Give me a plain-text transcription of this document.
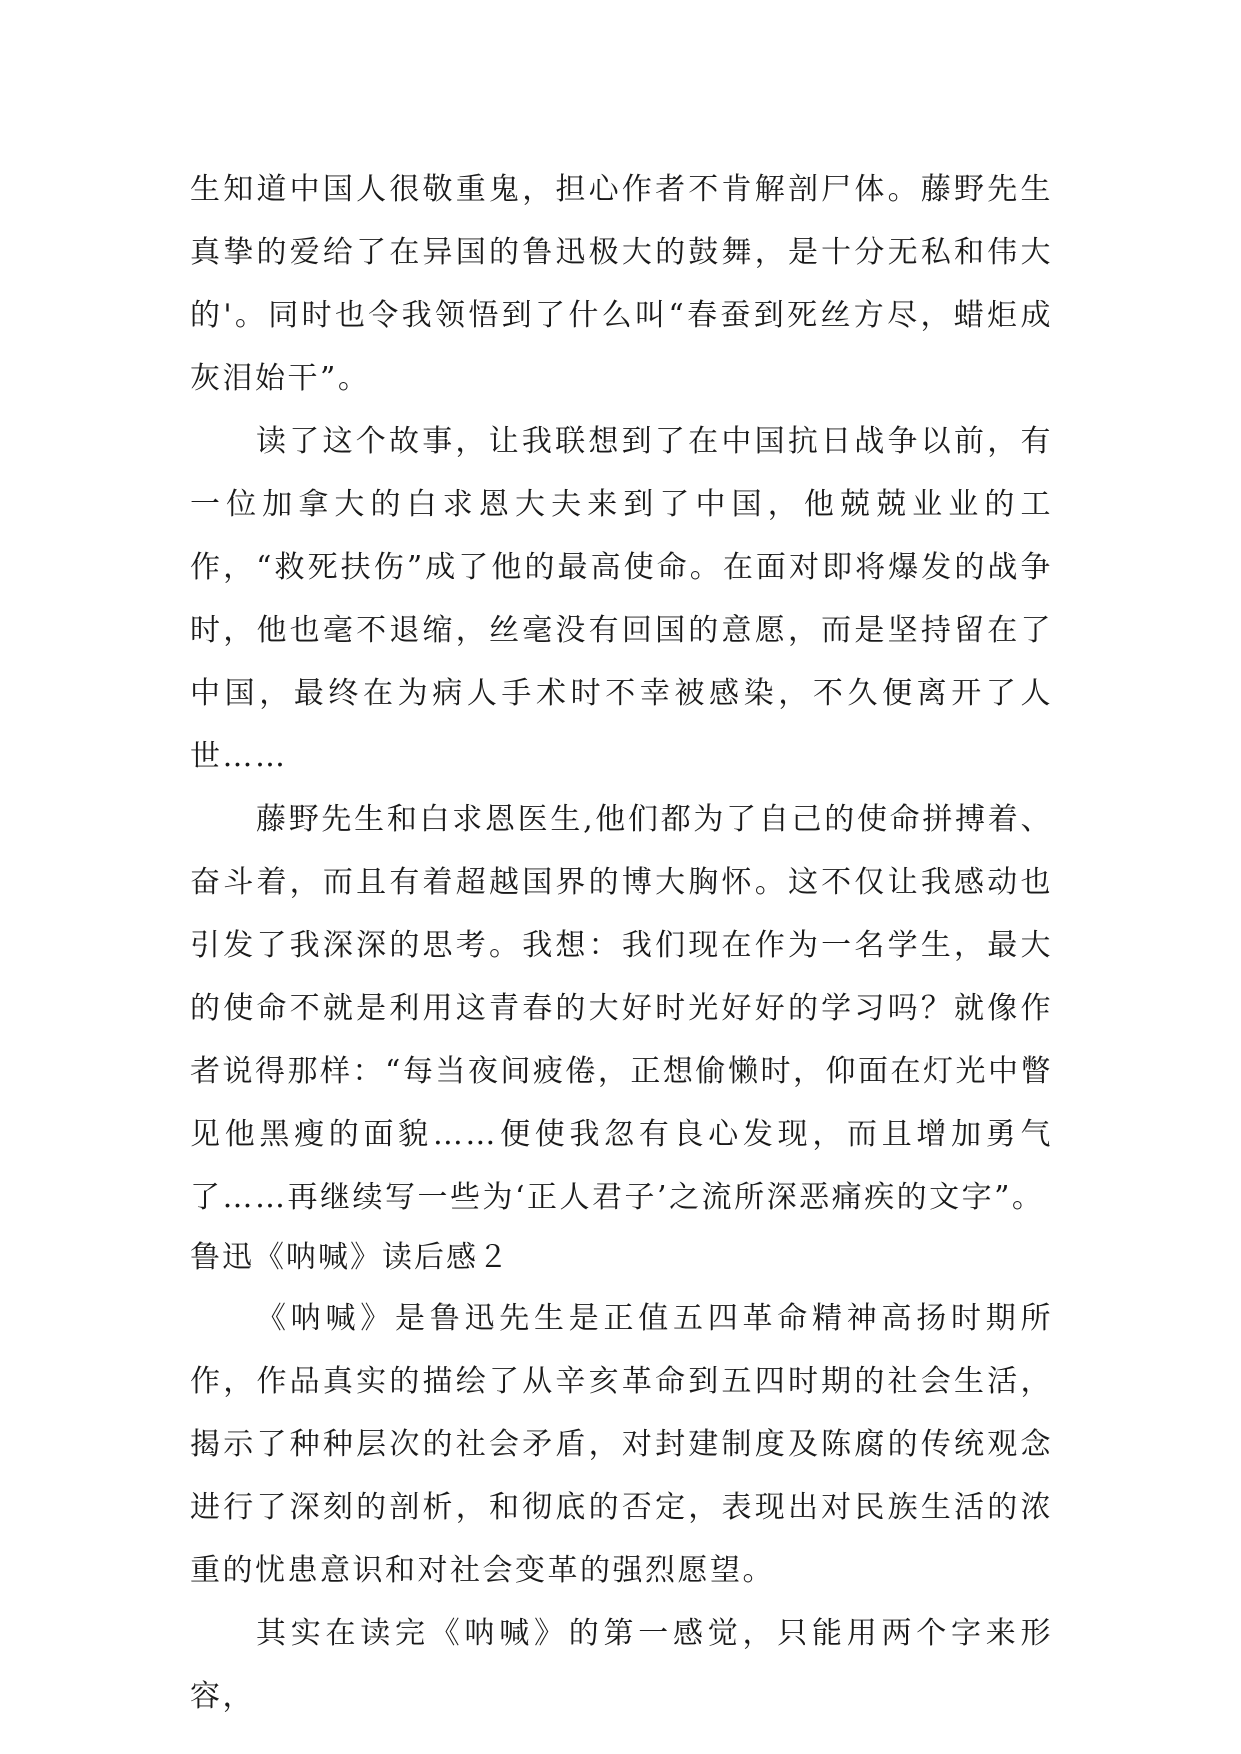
生知道中国人很敬重鬼，担心作者不肯解剖尸体。藤野先生真挚的爱给了在异国的鲁迅极大的鼓舞，是十分无私和伟大的'。同时也令我领悟到了什么叫“春蚕到死丝方尽，蜡炬成灰泪始干”。

读了这个故事，让我联想到了在中国抗日战争以前，有一位加拿大的白求恩大夫来到了中国，他兢兢业业的工作，“救死扶伤”成了他的最高使命。在面对即将爆发的战争时，他也毫不退缩，丝毫没有回国的意愿，而是坚持留在了中国，最终在为病人手术时不幸被感染，不久便离开了人世……

藤野先生和白求恩医生,他们都为了自己的使命拼搏着、奋斗着，而且有着超越国界的博大胸怀。这不仅让我感动也引发了我深深的思考。我想：我们现在作为一名学生，最大的使命不就是利用这青春的大好时光好好的学习吗？就像作者说得那样：“每当夜间疲倦，正想偷懒时，仰面在灯光中瞥见他黑瘦的面貌……便使我忽有良心发现，而且增加勇气了……再继续写一些为‘正人君子’之流所深恶痛疾的文字”。

鲁迅《呐喊》读后感２

《呐喊》是鲁迅先生是正值五四革命精神高扬时期所作，作品真实的描绘了从辛亥革命到五四时期的社会生活，揭示了种种层次的社会矛盾，对封建制度及陈腐的传统观念进行了深刻的剖析，和彻底的否定，表现出对民族生活的浓重的忧患意识和对社会变革的强烈愿望。

其实在读完《呐喊》的第一感觉，只能用两个字来形容，
